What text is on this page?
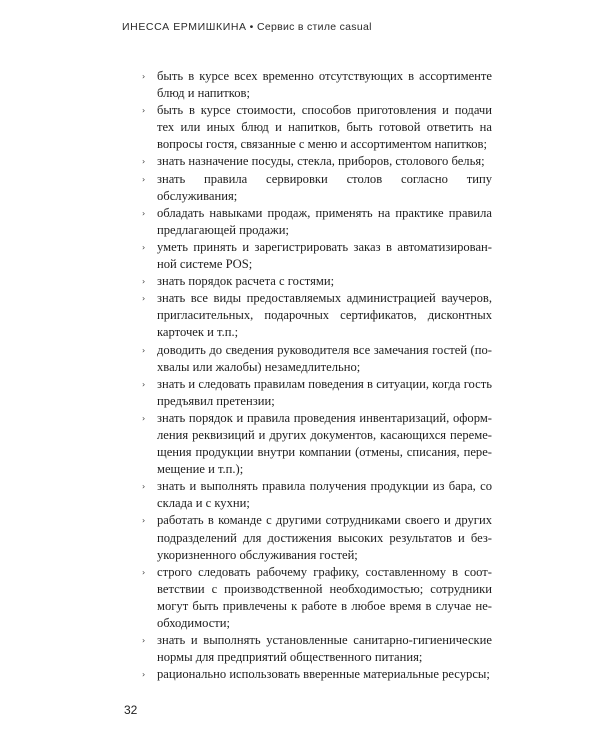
ИНЕССА ЕРМИШКИНА • Сервис в стиле casual
› быть в курсе всех временно отсутствующих в ассортименте блюд и напитков;
› быть в курсе стоимости, способов приготовления и подачи тех или иных блюд и напитков, быть готовой ответить на вопросы гостя, связанные с меню и ассортиментом напитков;
› знать назначение посуды, стекла, приборов, столового белья;
› знать правила сервировки столов согласно типу обслуживания;
› обладать навыками продаж, применять на практике правила предлагающей продажи;
› уметь принять и зарегистрировать заказ в автоматизированной системе POS;
› знать порядок расчета с гостями;
› знать все виды предоставляемых администрацией ваучеров, пригласительных, подарочных сертификатов, дисконтных карточек и т.п.;
› доводить до сведения руководителя все замечания гостей (похвалы или жалобы) незамедлительно;
› знать и следовать правилам поведения в ситуации, когда гость предъявил претензии;
› знать порядок и правила проведения инвентаризаций, оформления реквизиций и других документов, касающихся перемещения продукции внутри компании (отмены, списания, перемещение и т.п.);
› знать и выполнять правила получения продукции из бара, со склада и с кухни;
› работать в команде с другими сотрудниками своего и других подразделений для достижения высоких результатов и безукоризненного обслуживания гостей;
› строго следовать рабочему графику, составленному в соответствии с производственной необходимостью; сотрудники могут быть привлечены к работе в любое время в случае необходимости;
› знать и выполнять установленные санитарно-гигиенические нормы для предприятий общественного питания;
› рационально использовать вверенные материальные ресурсы;
32
